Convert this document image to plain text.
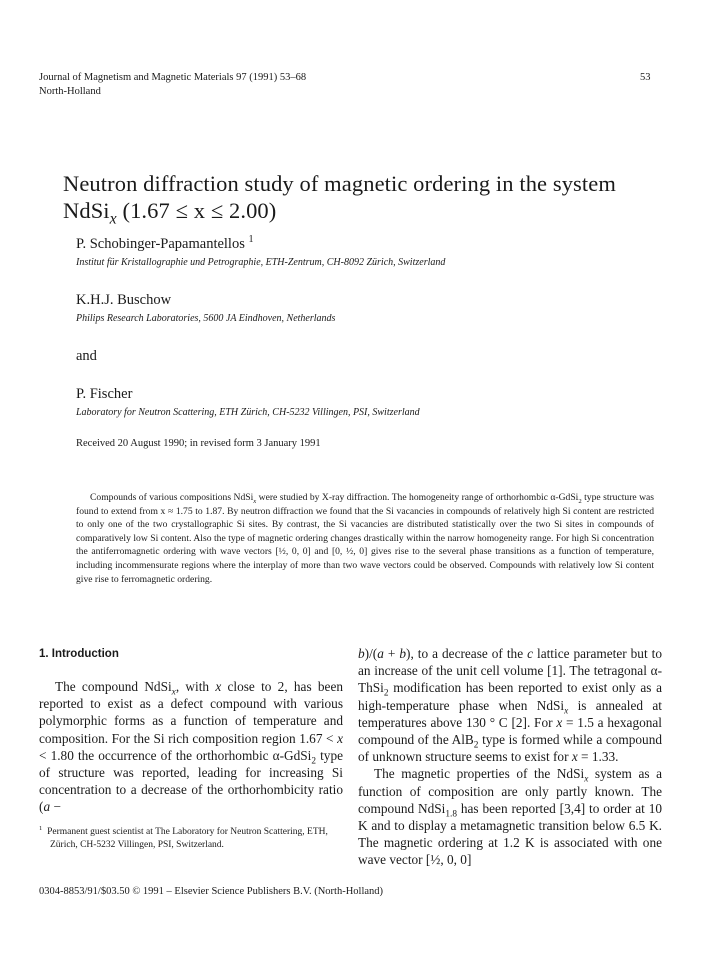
Journal of Magnetism and Magnetic Materials 97 (1991) 53–68
North-Holland
53
Neutron diffraction study of magnetic ordering in the system
NdSi$_x$ (1.67 ≤ x ≤ 2.00)
P. Schobinger-Papamantellos $^1$
Institut für Kristallographie und Petrographie, ETH-Zentrum, CH-8092 Zürich, Switzerland
K.H.J. Buschow
Philips Research Laboratories, 5600 JA Eindhoven, Netherlands
and
P. Fischer
Laboratory for Neutron Scattering, ETH Zürich, CH-5232 Villingen, PSI, Switzerland
Received 20 August 1990; in revised form 3 January 1991
Compounds of various compositions NdSi$_x$ were studied by X-ray diffraction. The homogeneity range of orthorhombic α-GdSi$_2$ type structure was found to extend from x ≈ 1.75 to 1.87. By neutron diffraction we found that the Si vacancies in compounds of relatively high Si content are restricted to only one of the two crystallographic Si sites. By contrast, the Si vacancies are distributed statistically over the two Si sites in compounds of comparatively low Si content. Also the type of magnetic ordering changes drastically within the narrow homogeneity range. For high Si concentration the antiferromagnetic ordering with wave vectors [½, 0, 0] and [0, ½, 0] gives rise to the several phase transitions as a function of temperature, including incommensurate regions where the interplay of more than two wave vectors could be observed. Compounds with relatively low Si content give rise to ferromagnetic ordering.
1. Introduction

The compound NdSi$_x$, with x close to 2, has been reported to exist as a defect compound with various polymorphic forms as a function of temperature and composition. For the Si rich composition region 1.67 < x < 1.80 the occurrence of the orthorhombic α-GdSi$_2$ type of structure was reported, leading for increasing Si concentration to a decrease of the orthorhombicity ratio (a −

$^1$ Permanent guest scientist at The Laboratory for Neutron Scattering, ETH, Zürich, CH-5232 Villingen, PSI, Switzerland.

b)/(a + b), to a decrease of the c lattice parameter but to an increase of the unit cell volume [1]. The tetragonal α-ThSi$_2$ modification has been reported to exist only as a high-temperature phase when NdSi$_x$ is annealed at temperatures above 130 ° C [2]. For x = 1.5 a hexagonal compound of the AlB$_2$ type is formed while a compound of unknown structure seems to exist for x = 1.33.

The magnetic properties of the NdSi$_x$ system as a function of composition are only partly known. The compound NdSi$_{1.8}$ has been reported [3,4] to order at 10 K and to display a metamagnetic transition below 6.5 K. The magnetic ordering at 1.2 K is associated with one wave vector [½, 0, 0]

0304-8853/91/$03.50 © 1991 – Elsevier Science Publishers B.V. (North-Holland)
